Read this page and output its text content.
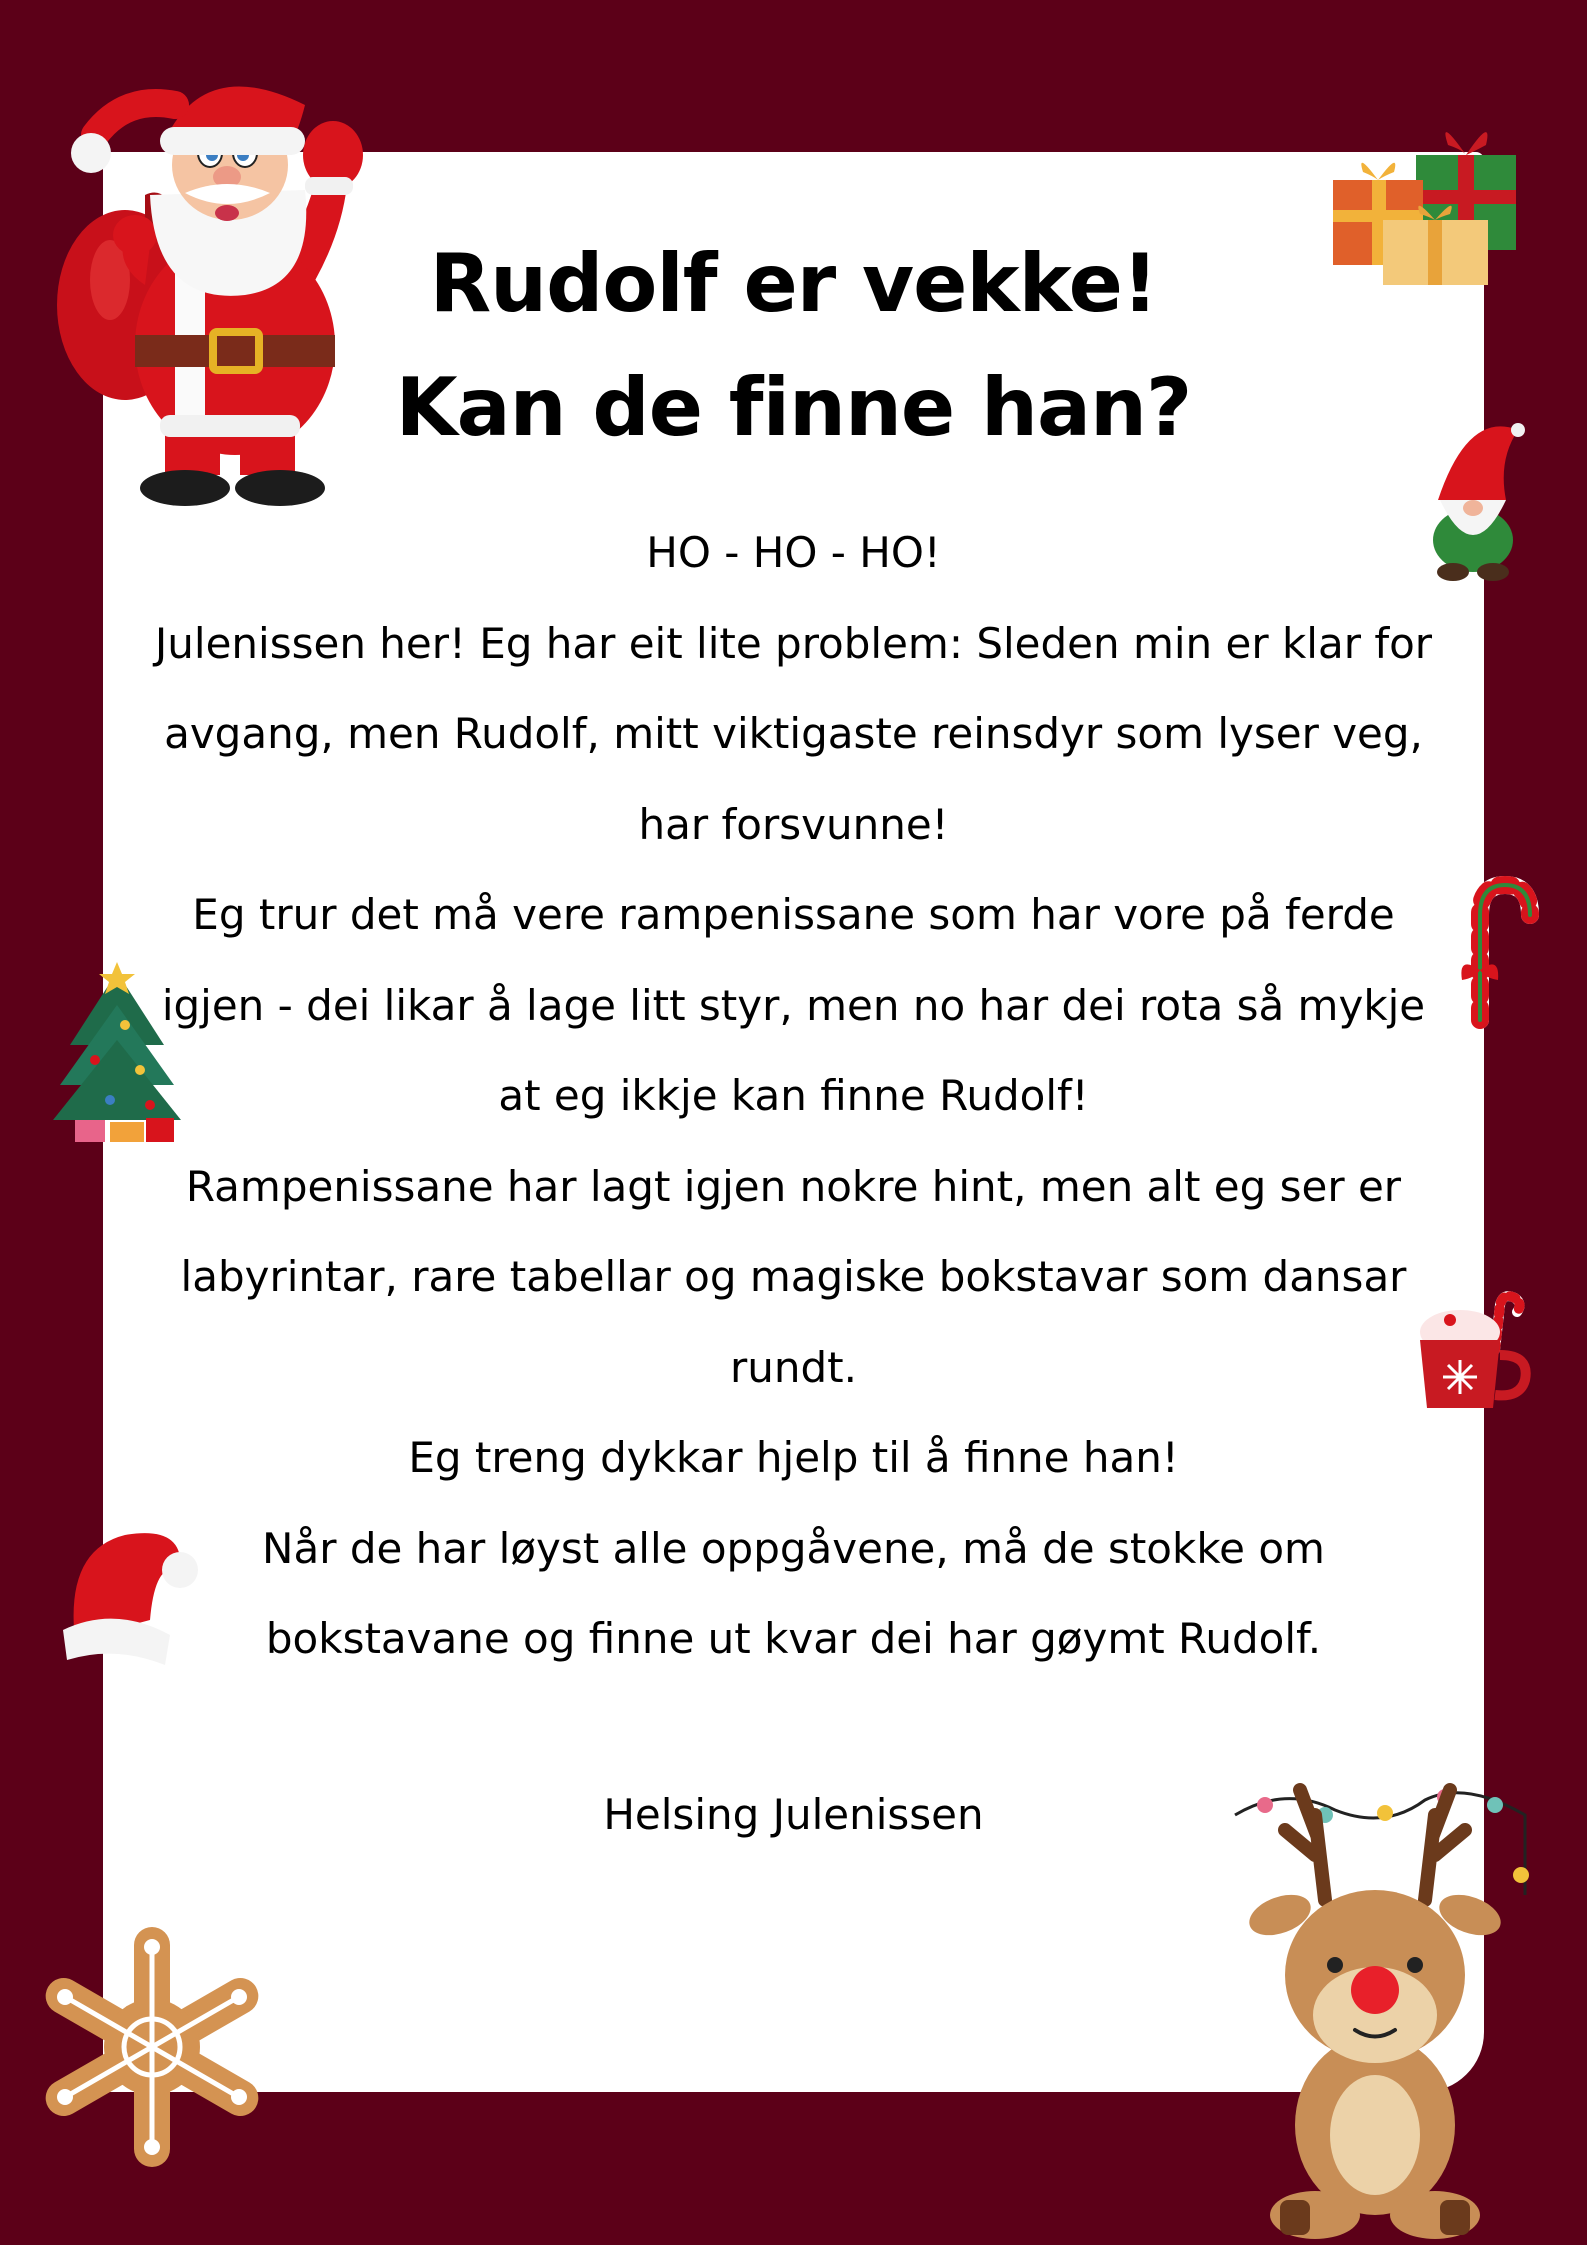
Rudolf er vekke!
Kan de finne han?

HO - HO - HO!

Julenissen her! Eg har eit lite problem: Sleden min er klar for avgang, men Rudolf, mitt viktigaste reinsdyr som lyser veg, har forsvunne!

Eg trur det må vere rampenissane som har vore på ferde igjen - dei likar å lage litt styr, men no har dei rota så mykje at eg ikkje kan finne Rudolf!

Rampenissane har lagt igjen nokre hint, men alt eg ser er labyrintar, rare tabellar og magiske bokstavar som dansar rundt.

Eg treng dykkar hjelp til å finne han!

Når de har løyst alle oppgåvene, må de stokke om bokstavane og finne ut kvar dei har gøymt Rudolf.

Helsing Julenissen
